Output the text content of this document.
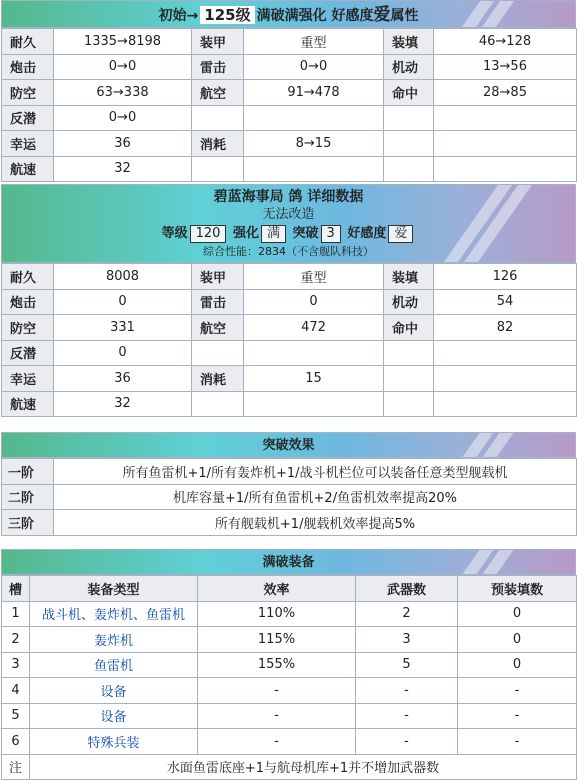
初始→ 125级 满破满强化 好感度爱属性
耐久	1335→8198	装甲	重型	装填	46→128
炮击	0→0	雷击	0→0	机动	13→56
防空	63→338	航空	91→478	命中	28→85
反潜	0→0				
幸运	36	消耗	8→15		
航速	32				
碧蓝海事局 鸽 详细数据
无法改造
等级 120 强化 满 突破 3 好感度 爱
综合性能：2834（不含舰队科技）
耐久	8008	装甲	重型	装填	126
炮击	0	雷击	0	机动	54
防空	331	航空	472	命中	82
反潜	0				
幸运	36	消耗	15		
航速	32				
突破效果
一阶	所有鱼雷机+1/所有轰炸机+1/战斗机栏位可以装备任意类型舰载机
二阶	机库容量+1/所有鱼雷机+2/鱼雷机效率提高20%
三阶	所有舰载机+1/舰载机效率提高5%
满破装备
槽	装备类型	效率	武器数	预装填数
1	战斗机、轰炸机、鱼雷机	110%	2	0
2	轰炸机	115%	3	0
3	鱼雷机	155%	5	0
4	设备	-	-	-
5	设备	-	-	-
6	特殊兵装	-	-	-
注	水面鱼雷底座+1与航母机库+1并不增加武器数			
